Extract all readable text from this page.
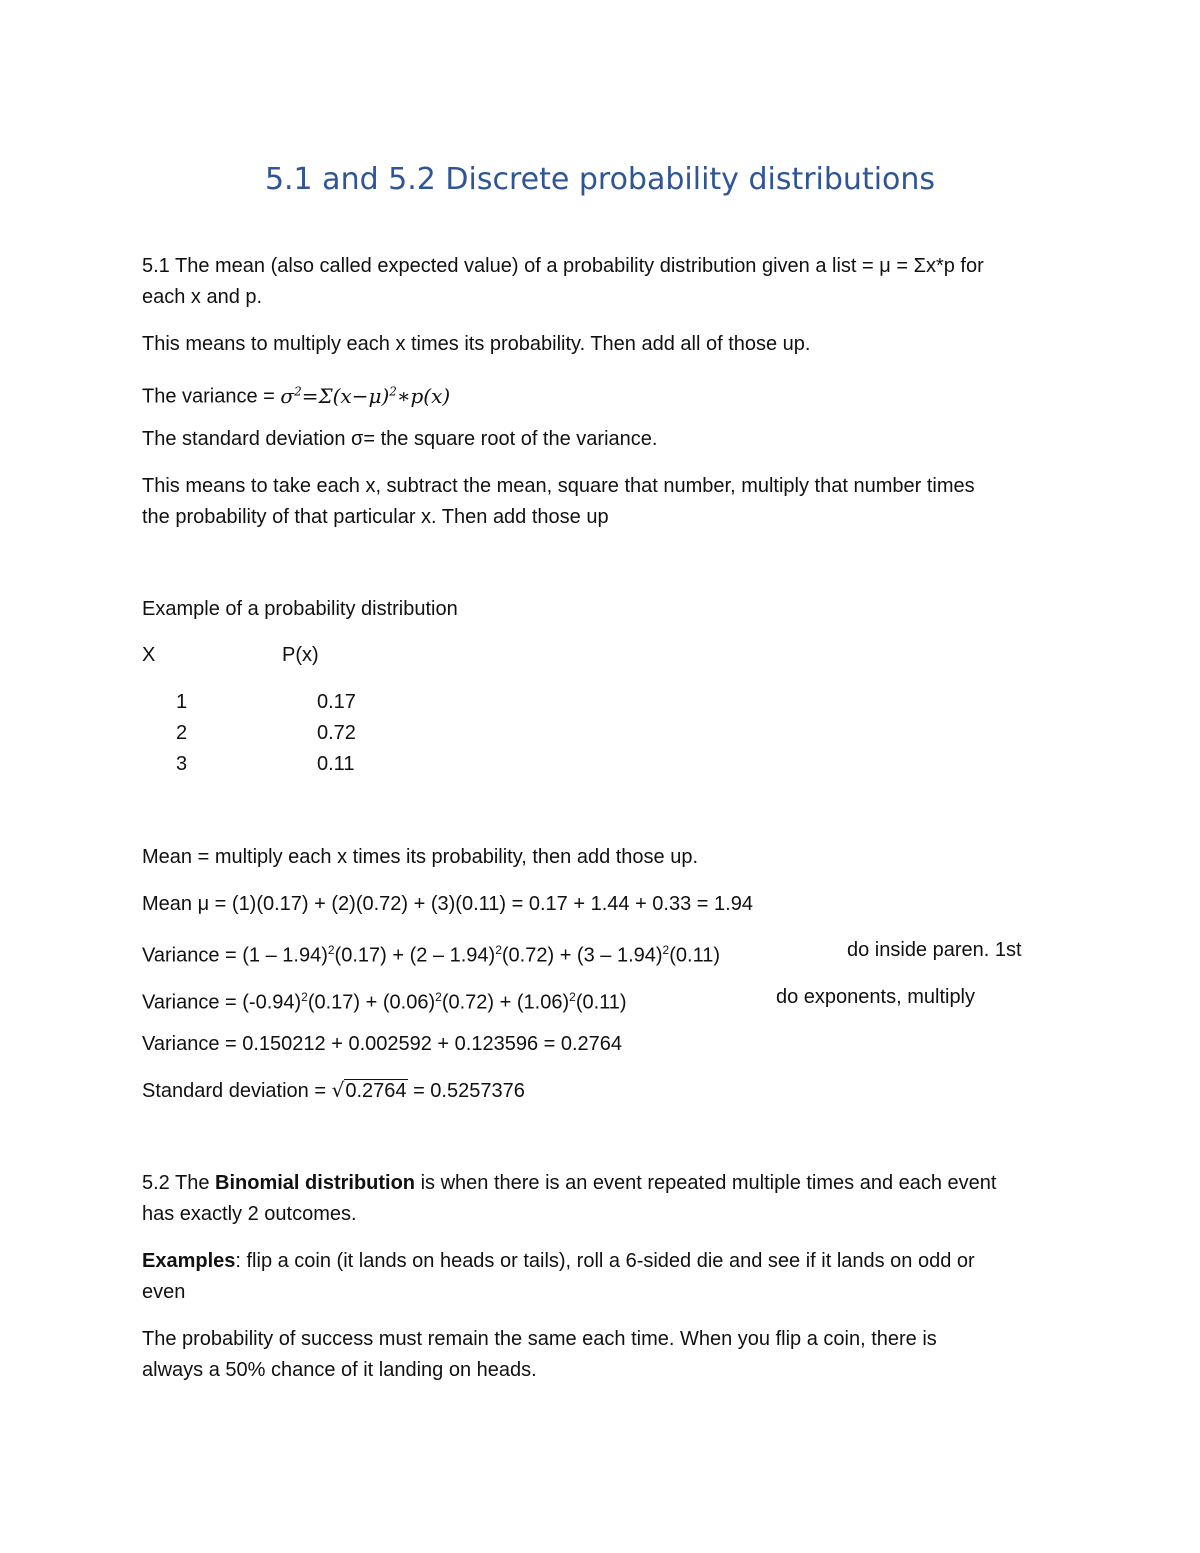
5.1 and 5.2 Discrete probability distributions
5.1 The mean (also called expected value) of a probability distribution given a list = μ = Σx*p for
each x and p.
This means to multiply each x times its probability. Then add all of those up.
The variance = $\sigma^2=\Sigma(x-\mu)^2∗p(x)$
The standard deviation σ= the square root of the variance.
This means to take each x, subtract the mean, square that number, multiply that number times
the probability of that particular x. Then add those up
Example of a probability distribution
X	P(x)
1	0.17
2	0.72
3	0.11
Mean = multiply each x times its probability, then add those up.
Mean μ = (1)(0.17) + (2)(0.72) + (3)(0.11) = 0.17 + 1.44 + 0.33 = 1.94
Variance = (1 – 1.94)$^2$(0.17) + (2 – 1.94)$^2$(0.72) + (3 – 1.94)$^2$(0.11)	do inside paren. 1st
Variance = $(-0.94)^2(0.17) + (0.06)^2(0.72) + (1.06)^2(0.11)$	do exponents, multiply
Variance = 0.150212 + 0.002592 + 0.123596 = 0.2764
Standard deviation = √0.2764 = 0.5257376
5.2 The Binomial distribution is when there is an event repeated multiple times and each event
has exactly 2 outcomes.
Examples: flip a coin (it lands on heads or tails), roll a 6-sided die and see if it lands on odd or
even
The probability of success must remain the same each time. When you flip a coin, there is
always a 50% chance of it landing on heads.
